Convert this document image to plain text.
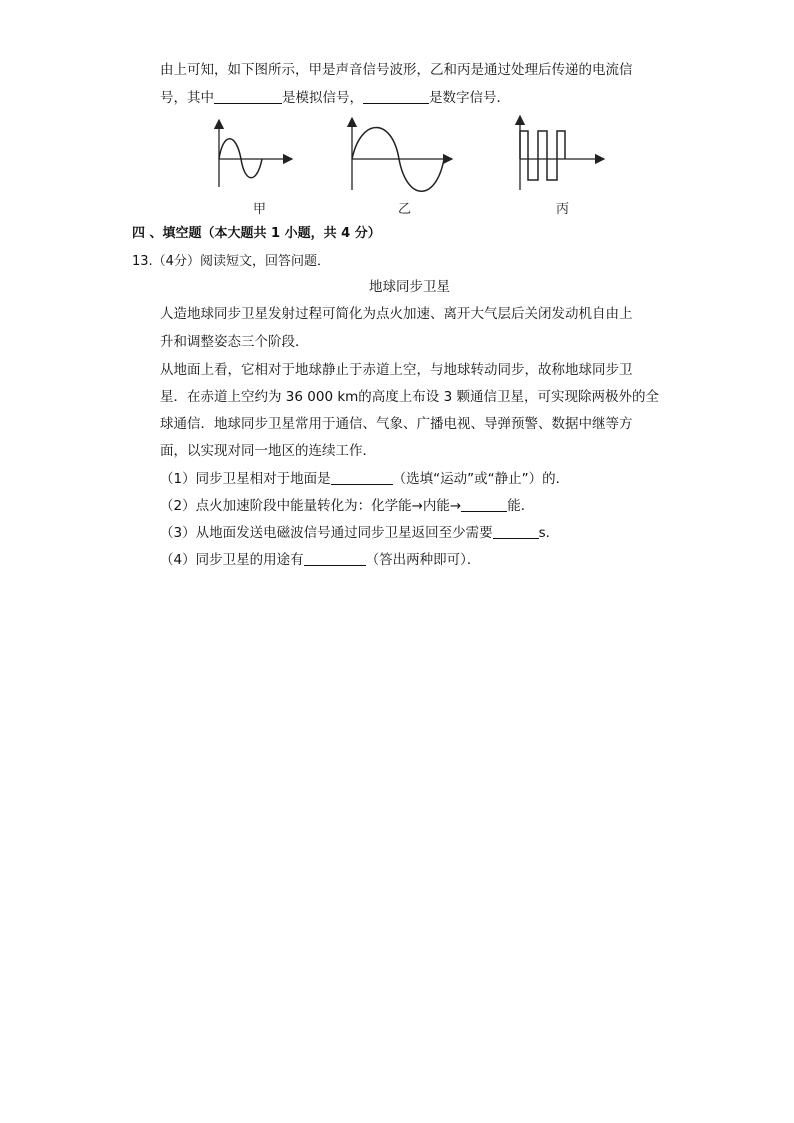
由上可知，如下图所示，甲是声音信号波形，乙和丙是通过处理后传递的电流信
号，其中	是模拟信号，	是数字信号．
甲	乙	丙
四 、填空题（本大题共 1 小题，共 4 分）
13.（4分）阅读短文，回答问题．
地球同步卫星
人造地球同步卫星发射过程可简化为点火加速、离开大气层后关闭发动机自由上
升和调整姿态三个阶段．
从地面上看，它相对于地球静止于赤道上空，与地球转动同步，故称地球同步卫
星．在赤道上空约为 36 000 km的高度上布设 3 颗通信卫星，可实现除两极外的全
球通信．地球同步卫星常用于通信、气象、广播电视、导弹预警、数据中继等方
面，以实现对同一地区的连续工作．
（1）同步卫星相对于地面是	（选填“运动”或“静止”）的．
（2）点火加速阶段中能量转化为：化学能→内能→	能．
（3）从地面发送电磁波信号通过同步卫星返回至少需要	s．
（4）同步卫星的用途有	（答出两种即可）．
